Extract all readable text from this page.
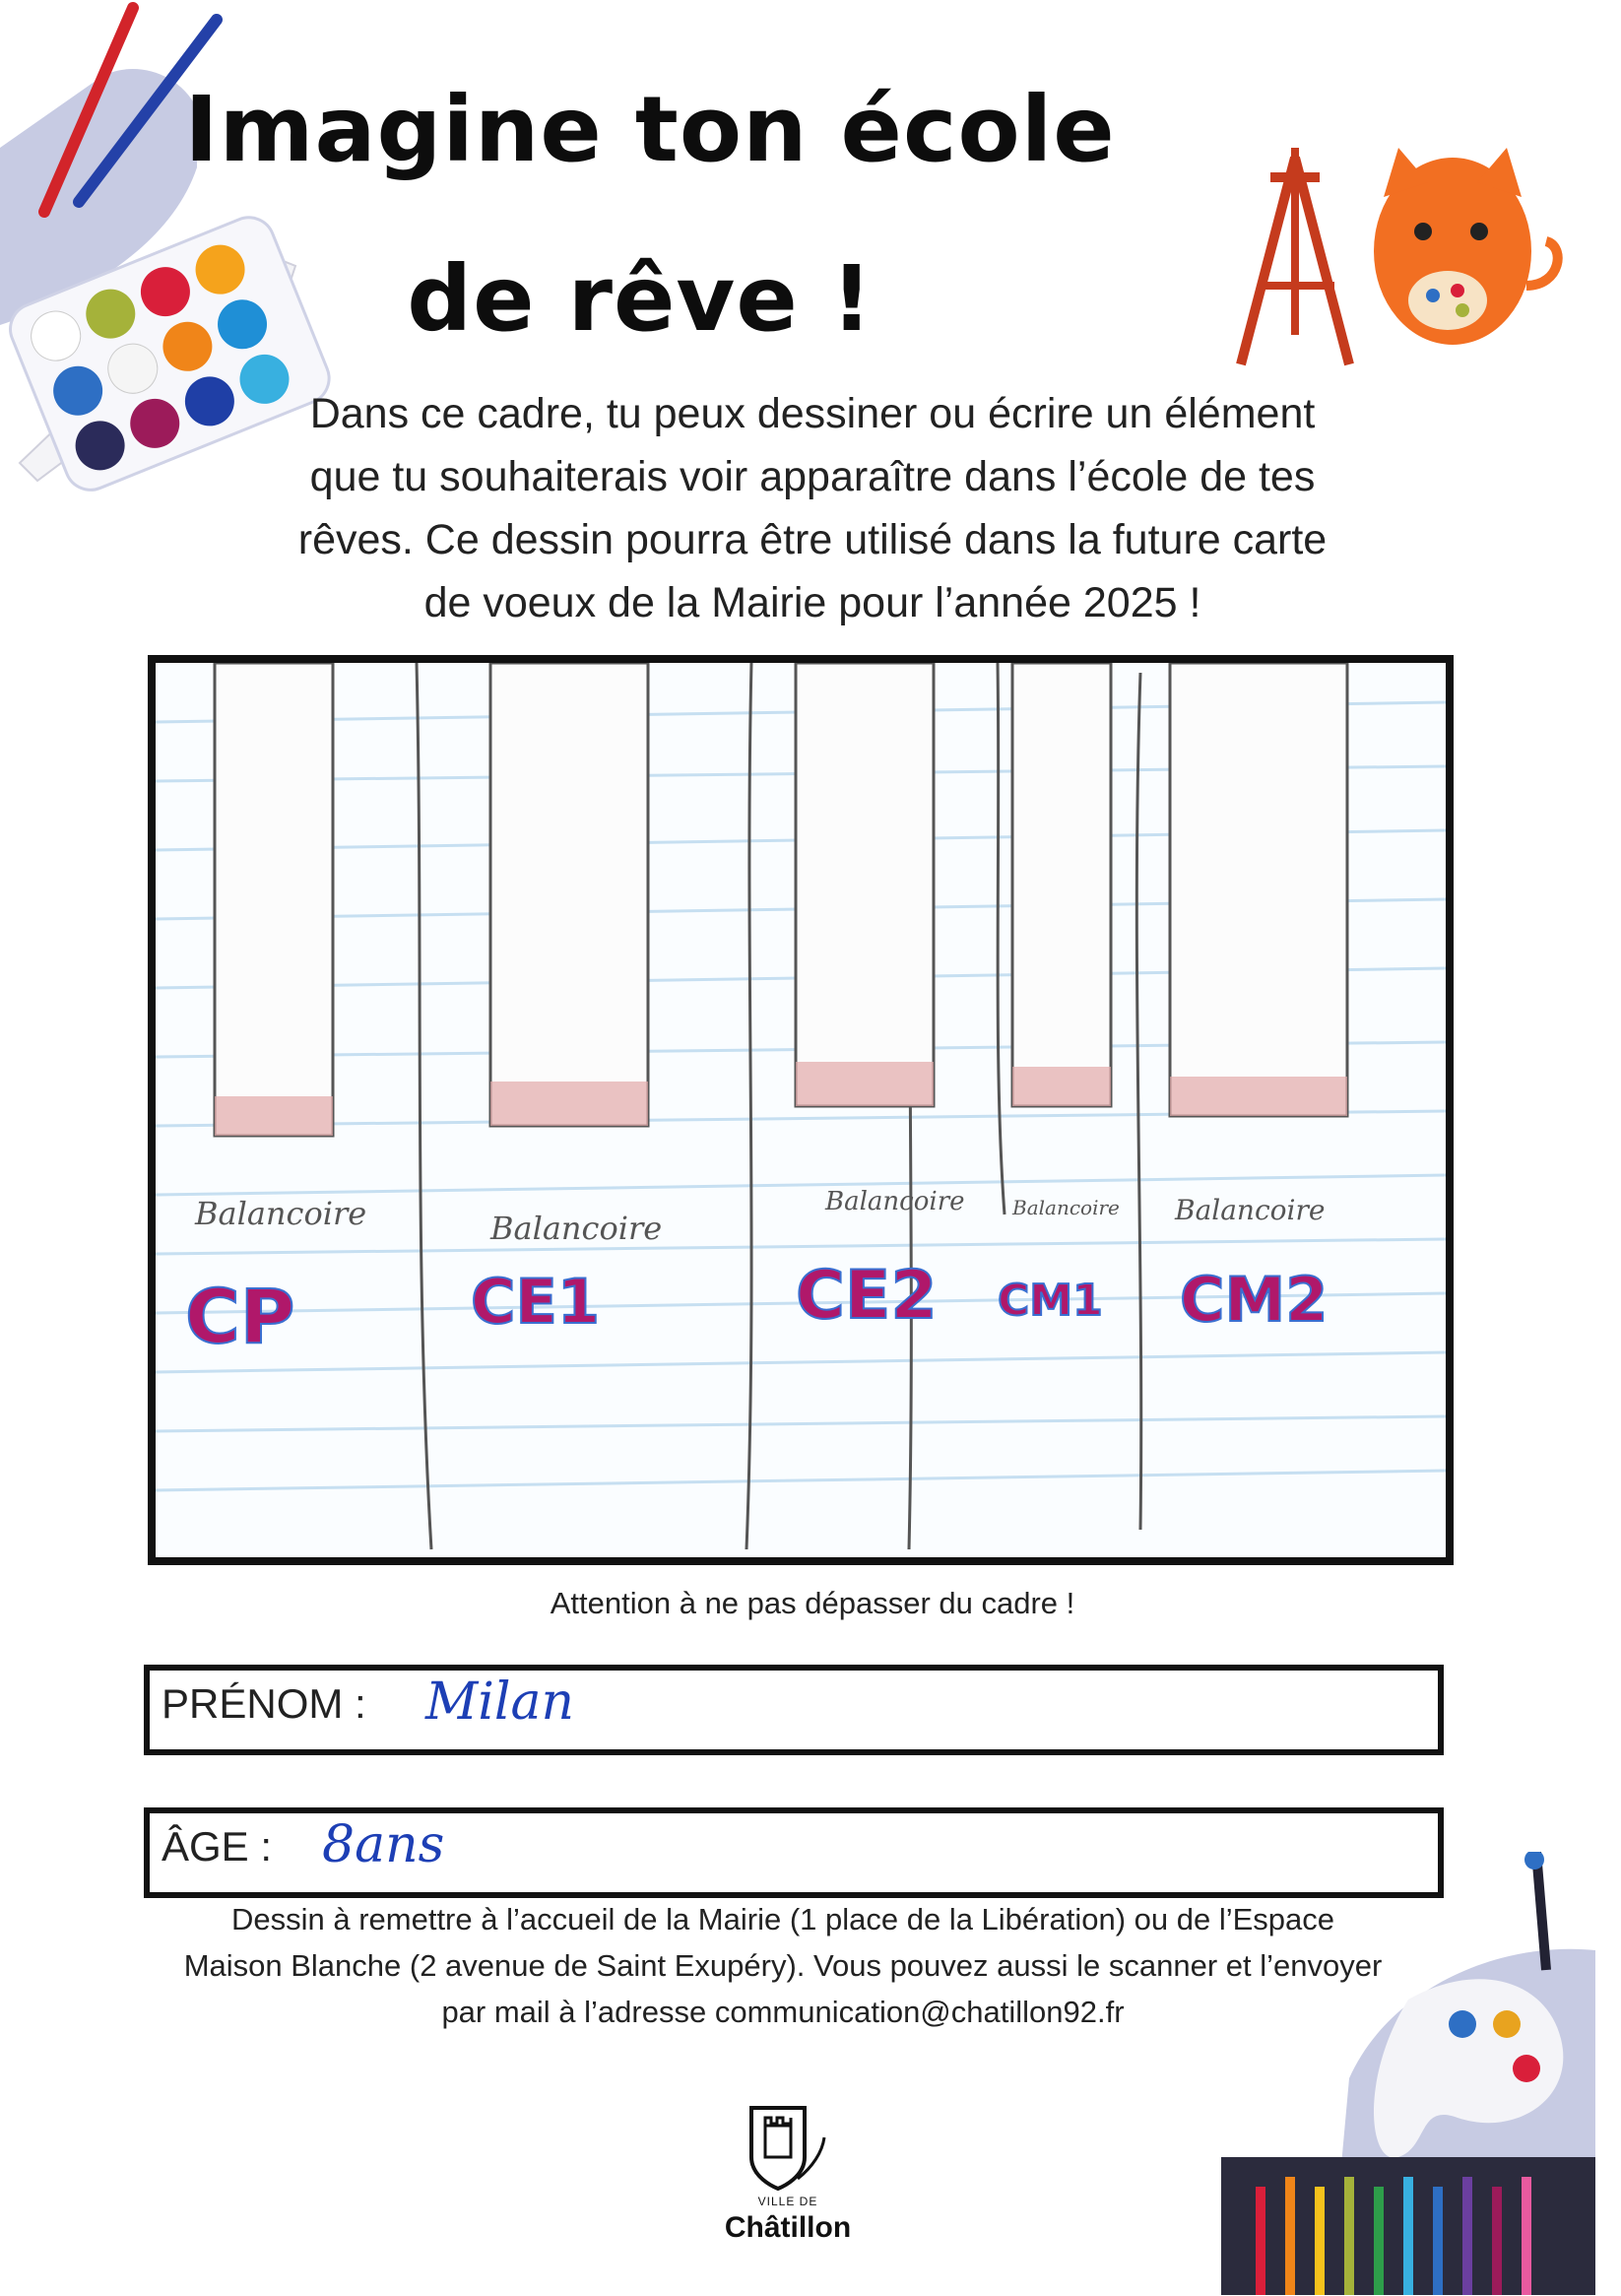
Imagine ton école
de rêve !
Dans ce cadre, tu peux dessiner ou écrire un élément
que tu souhaiterais voir apparaître dans l’école de tes
rêves. Ce dessin pourra être utilisé dans la future carte
de voeux de la Mairie pour l’année 2025 !
Balancoire	Balancoire
Balancoire Balancoire Balancoire
CP	CE1	CE2 CM1 CM2
Attention à ne pas dépasser du cadre !
PRÉNOM : Milan
ÂGE : 8ans
Dessin à remettre à l’accueil de la Mairie (1 place de la Libération) ou de l’Espace
Maison Blanche (2 avenue de Saint Exupéry). Vous pouvez aussi le scanner et l’envoyer
par mail à l’adresse communication@chatillon92.fr
VILLE DE
Châtillon
